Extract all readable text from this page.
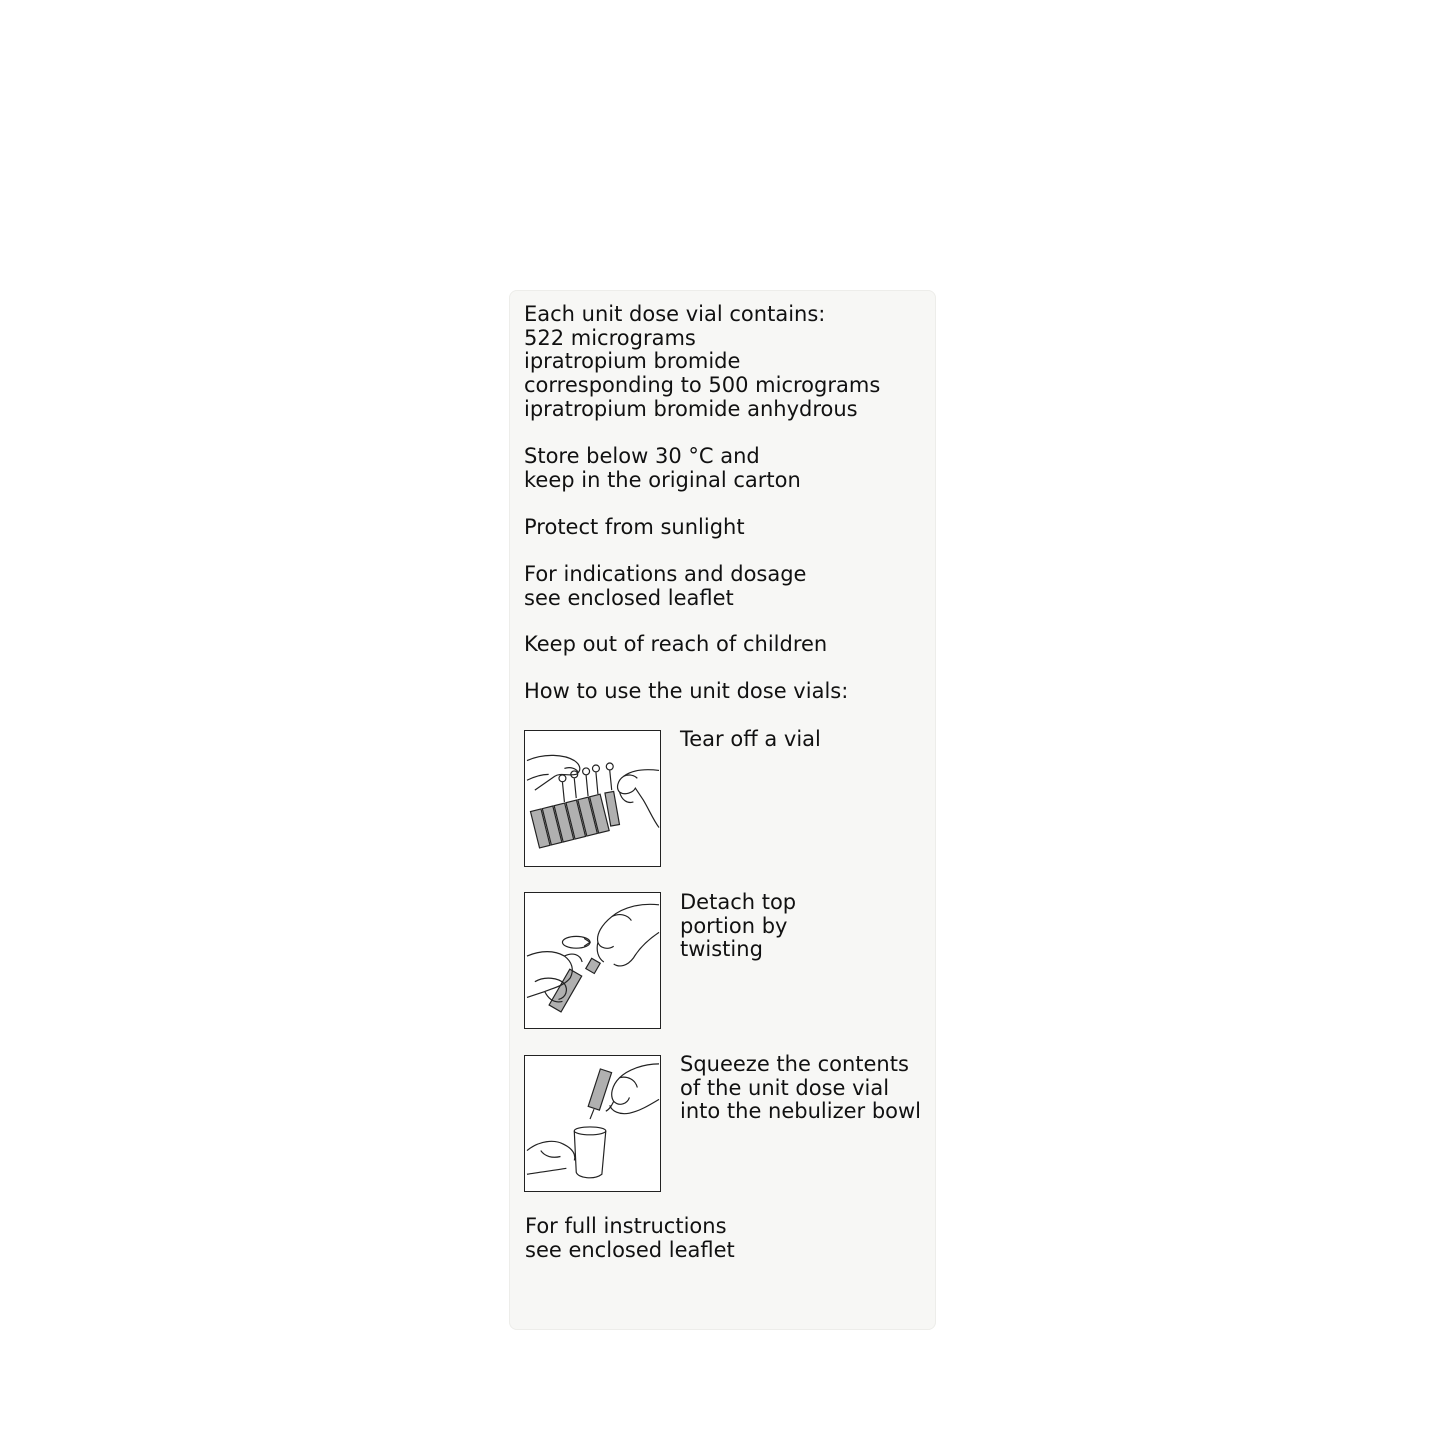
Each unit dose vial contains:
522 micrograms
ipratropium bromide
corresponding to 500 micrograms
ipratropium bromide anhydrous
Store below 30 °C and
keep in the original carton
Protect from sunlight
For indications and dosage
see enclosed leaflet
Keep out of reach of children
How to use the unit dose vials:
Tear off a vial
Detach top
portion by
twisting
Squeeze the contents
of the unit dose vial
into the nebulizer bowl
For full instructions
see enclosed leaflet
